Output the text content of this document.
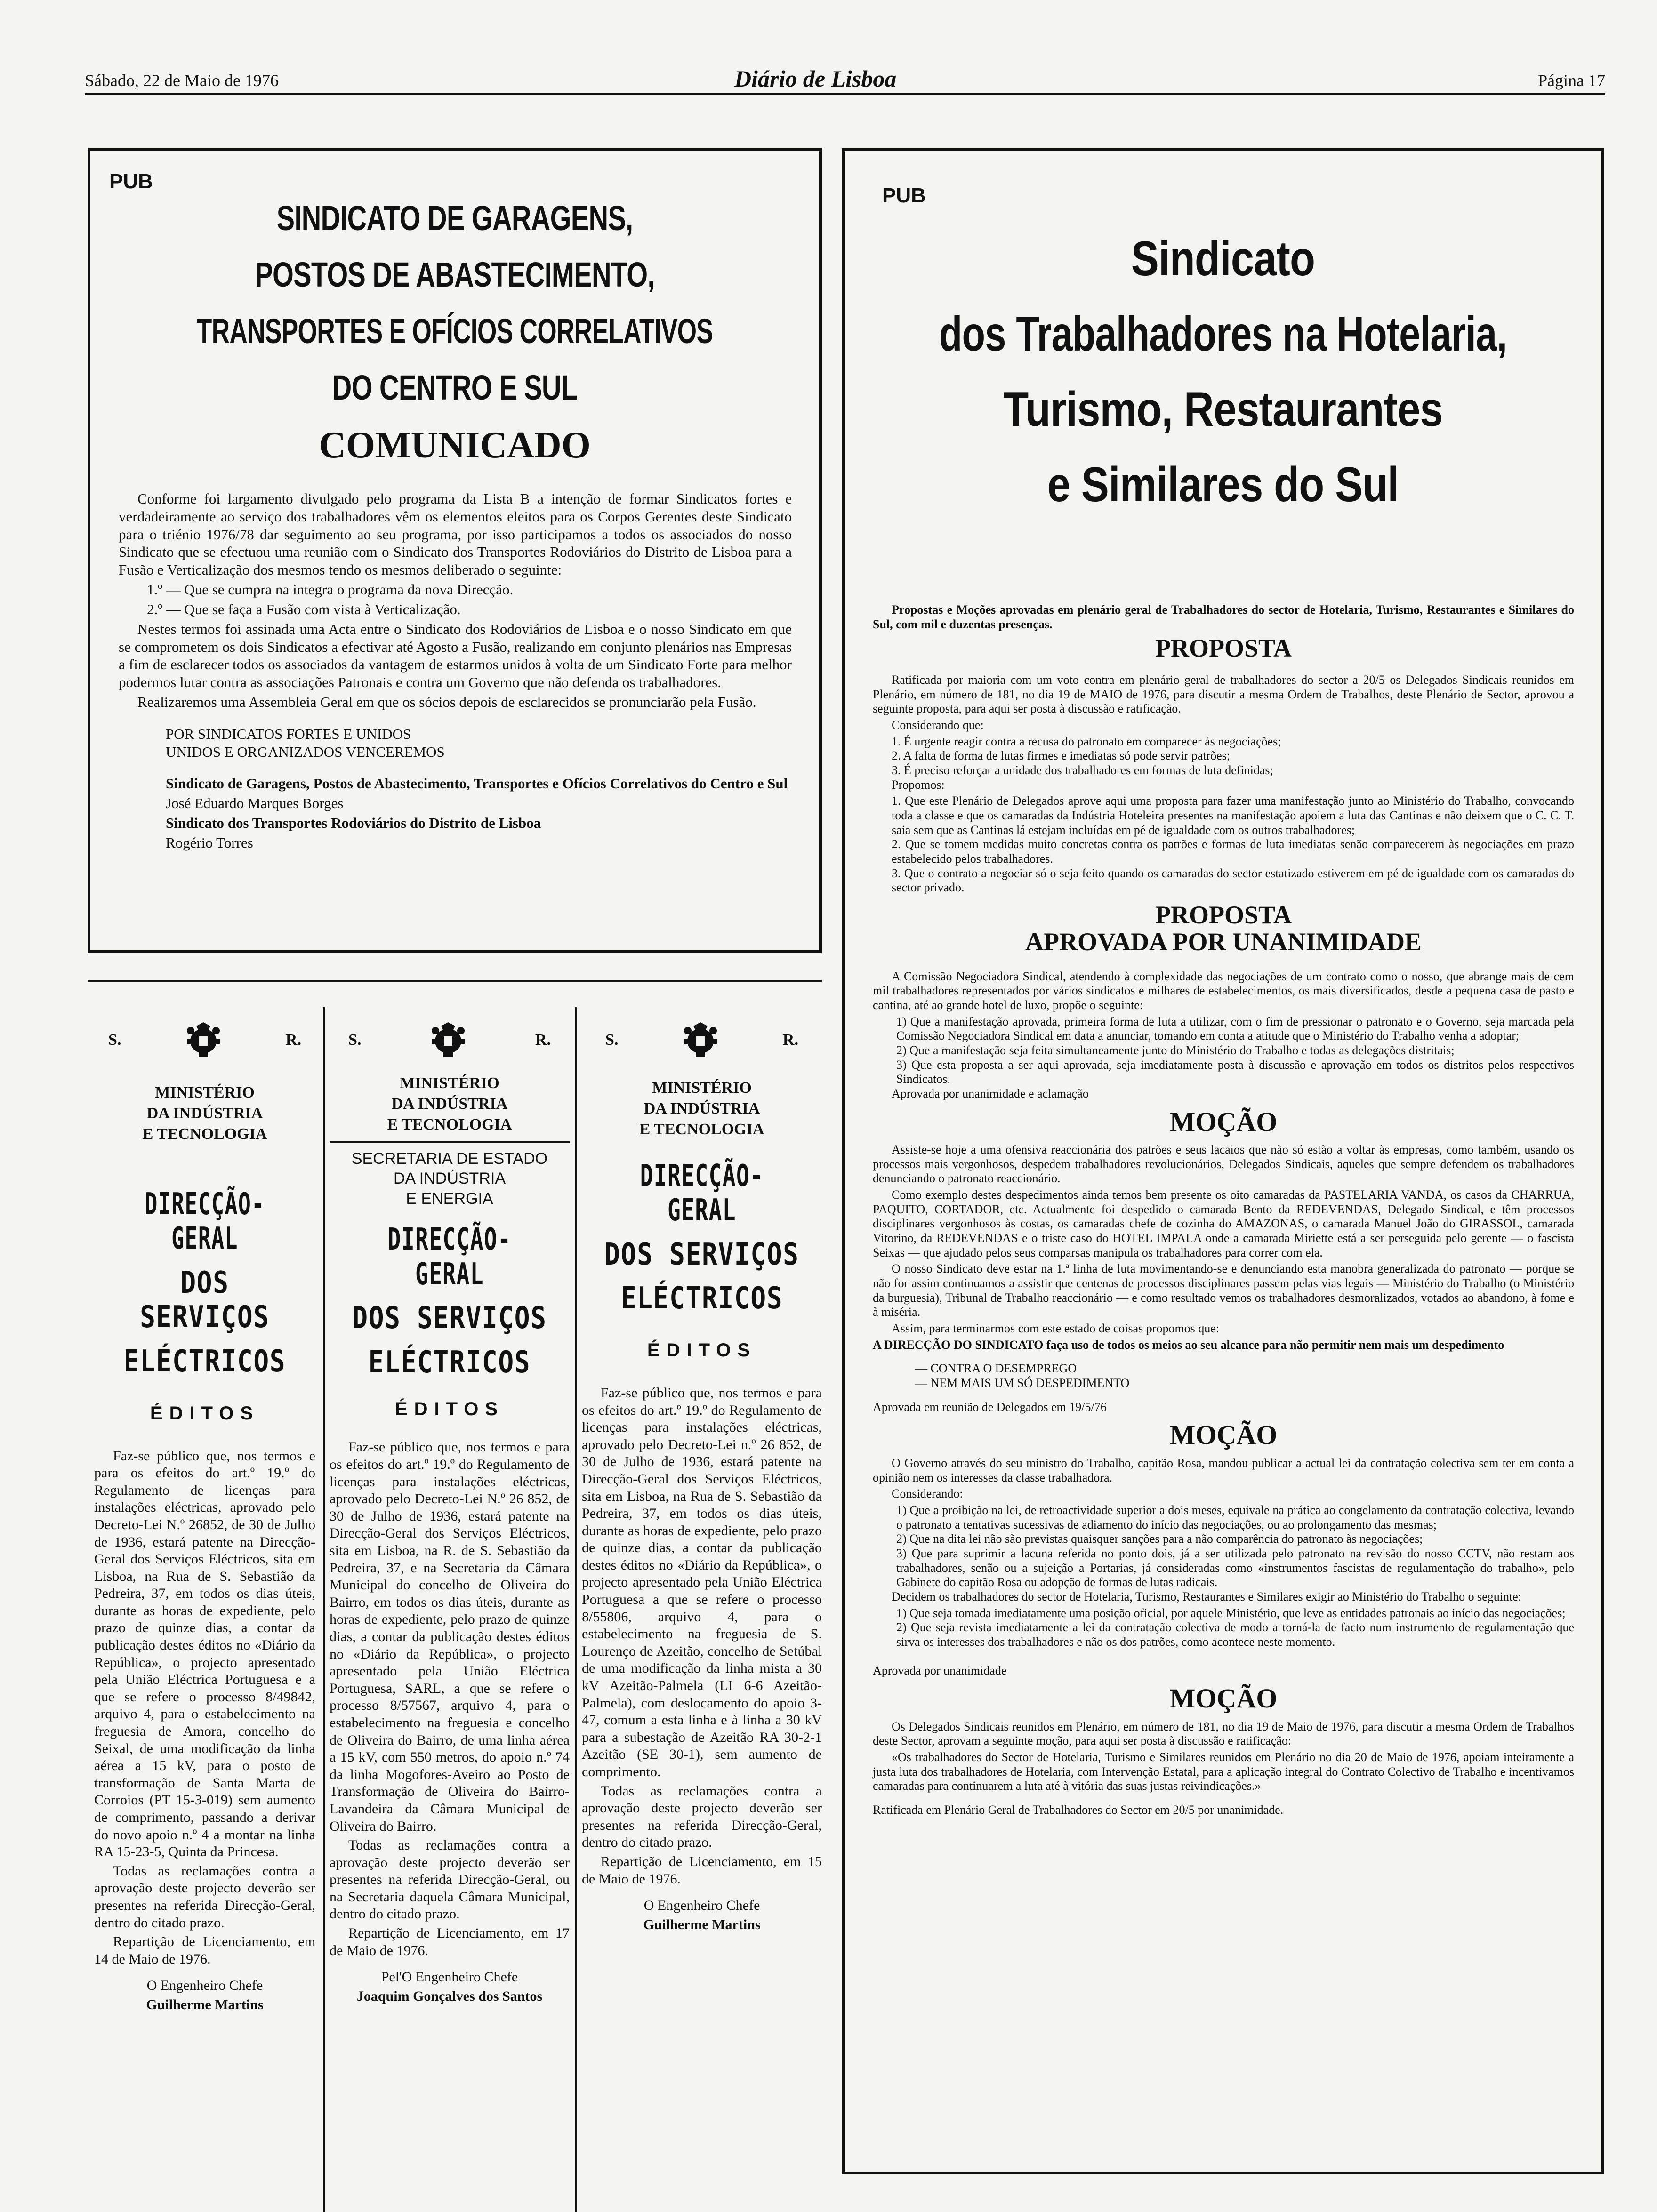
Sábado, 22 de Maio de 1976	Diário de Lisboa	Página 17
PUB
SINDICATO DE GARAGENS,
POSTOS DE ABASTECIMENTO,
TRANSPORTES E OFÍCIOS CORRELATIVOS
DO CENTRO E SUL
COMUNICADO

Conforme foi largamento divulgado pelo programa da Lista B a intenção de formar Sindicatos fortes e verdadeiramente ao serviço dos trabalhadores vêm os elementos eleitos para os Corpos Gerentes deste Sindicato para o triénio 1976/78 dar seguimento ao seu programa, por isso participamos a todos os associados do nosso Sindicato que se efectuou uma reunião com o Sindicato dos Transportes Rodoviários do Distrito de Lisboa para a Fusão e Verticalização dos mesmos tendo os mesmos deliberado o seguinte:

1.º — Que se cumpra na integra o programa da nova Direcção.

2.º — Que se faça a Fusão com vista à Verticalização.

Nestes termos foi assinada uma Acta entre o Sindicato dos Rodoviários de Lisboa e o nosso Sindicato em que se comprometem os dois Sindicatos a efectivar até Agosto a Fusão, realizando em conjunto plenários nas Empresas a fim de esclarecer todos os associados da vantagem de estarmos unidos à volta de um Sindicato Forte para melhor podermos lutar contra as associações Patronais e contra um Governo que não defenda os trabalhadores.

Realizaremos uma Assembleia Geral em que os sócios depois de esclarecidos se pronunciarão pela Fusão.

POR SINDICATOS FORTES E UNIDOS

UNIDOS E ORGANIZADOS VENCEREMOS

Sindicato de Garagens, Postos de Abastecimento, Transportes e Ofícios Correlativos do Centro e Sul

José Eduardo Marques Borges

Sindicato dos Transportes Rodoviários do Distrito de Lisboa

Rogério Torres

S.	R.
MINISTÉRIO
DA INDÚSTRIA
E TECNOLOGIA
DIRECÇÃO-GERAL
DOS SERVIÇOS
ELÉCTRICOS
ÉDITOS

Faz-se público que, nos termos e para os efeitos do art.º 19.º do Regulamento de licenças para instalações eléctricas, aprovado pelo Decreto-Lei N.º 26852, de 30 de Julho de 1936, estará patente na Direcção-Geral dos Serviços Eléctricos, sita em Lisboa, na Rua de S. Sebastião da Pedreira, 37, em todos os dias úteis, durante as horas de expediente, pelo prazo de quinze dias, a contar da publicação destes éditos no «Diário da República», o projecto apresentado pela União Eléctrica Portuguesa e a que se refere o processo 8/49842, arquivo 4, para o estabelecimento na freguesia de Amora, concelho do Seixal, de uma modificação da linha aérea a 15 kV, para o posto de transformação de Santa Marta de Corroios (PT 15-3-019) sem aumento de comprimento, passando a derivar do novo apoio n.º 4 a montar na linha RA 15-23-5, Quinta da Princesa.

Todas as reclamações contra a aprovação deste projecto deverão ser presentes na referida Direcção-Geral, dentro do citado prazo.

Repartição de Licenciamento, em 14 de Maio de 1976.

O Engenheiro Chefe

Guilherme Martins

S.	R.
MINISTÉRIO
DA INDÚSTRIA
E TECNOLOGIA
SECRETARIA DE ESTADO
DA INDÚSTRIA
E ENERGIA
DIRECÇÃO-GERAL
DOS SERVIÇOS
ELÉCTRICOS
ÉDITOS

Faz-se público que, nos termos e para os efeitos do art.º 19.º do Regulamento de licenças para instalações eléctricas, aprovado pelo Decreto-Lei N.º 26 852, de 30 de Julho de 1936, estará patente na Direcção-Geral dos Serviços Eléctricos, sita em Lisboa, na R. de S. Sebastião da Pedreira, 37, e na Secretaria da Câmara Municipal do concelho de Oliveira do Bairro, em todos os dias úteis, durante as horas de expediente, pelo prazo de quinze dias, a contar da publicação destes éditos no «Diário da República», o projecto apresentado pela União Eléctrica Portuguesa, SARL, a que se refere o processo 8/57567, arquivo 4, para o estabelecimento na freguesia e concelho de Oliveira do Bairro, de uma linha aérea a 15 kV, com 550 metros, do apoio n.º 74 da linha Mogofores-Aveiro ao Posto de Transformação de Oliveira do Bairro-Lavandeira da Câmara Municipal de Oliveira do Bairro.

Todas as reclamações contra a aprovação deste projecto deverão ser presentes na referida Direcção-Geral, ou na Secretaria daquela Câmara Municipal, dentro do citado prazo.

Repartição de Licenciamento, em 17 de Maio de 1976.

Pel'O Engenheiro Chefe

Joaquim Gonçalves dos Santos

S.	R.
MINISTÉRIO
DA INDÚSTRIA
E TECNOLOGIA
DIRECÇÃO-GERAL
DOS SERVIÇOS
ELÉCTRICOS
ÉDITOS

Faz-se público que, nos termos e para os efeitos do art.º 19.º do Regulamento de licenças para instalações eléctricas, aprovado pelo Decreto-Lei n.º 26 852, de 30 de Julho de 1936, estará patente na Direcção-Geral dos Serviços Eléctricos, sita em Lisboa, na Rua de S. Sebastião da Pedreira, 37, em todos os dias úteis, durante as horas de expediente, pelo prazo de quinze dias, a contar da publicação destes éditos no «Diário da República», o projecto apresentado pela União Eléctrica Portuguesa a que se refere o processo 8/55806, arquivo 4, para o estabelecimento na freguesia de S. Lourenço de Azeitão, concelho de Setúbal de uma modificação da linha mista a 30 kV Azeitão-Palmela (LI 6-6 Azeitão-Palmela), com deslocamento do apoio 3-47, comum a esta linha e à linha a 30 kV para a subestação de Azeitão RA 30-2-1 Azeitão (SE 30-1), sem aumento de comprimento.

Todas as reclamações contra a aprovação deste projecto deverão ser presentes na referida Direcção-Geral, dentro do citado prazo.

Repartição de Licenciamento, em 15 de Maio de 1976.

O Engenheiro Chefe

Guilherme Martins

PUB
Sindicato
dos Trabalhadores na Hotelaria,
Turismo, Restaurantes
e Similares do Sul

Propostas e Moções aprovadas em plenário geral de Trabalhadores do sector de Hotelaria, Turismo, Restaurantes e Similares do Sul, com mil e duzentas presenças.

PROPOSTA

Ratificada por maioria com um voto contra em plenário geral de trabalhadores do sector a 20/5 os Delegados Sindicais reunidos em Plenário, em número de 181, no dia 19 de MAIO de 1976, para discutir a mesma Ordem de Trabalhos, deste Plenário de Sector, aprovou a seguinte proposta, para aqui ser posta à discussão e ratificação.

Considerando que:

1. É urgente reagir contra a recusa do patronato em comparecer às negociações;
2. A falta de forma de lutas firmes e imediatas só pode servir patrões;
3. É preciso reforçar a unidade dos trabalhadores em formas de luta definidas;

Propomos:

1. Que este Plenário de Delegados aprove aqui uma proposta para fazer uma manifestação junto ao Ministério do Trabalho, convocando toda a classe e que os camaradas da Indústria Hoteleira presentes na manifestação apoiem a luta das Cantinas e não deixem que o C. C. T. saia sem que as Cantinas lá estejam incluídas em pé de igualdade com os outros trabalhadores;
2. Que se tomem medidas muito concretas contra os patrões e formas de luta imediatas senão comparecerem às negociações em prazo estabelecido pelos trabalhadores.
3. Que o contrato a negociar só o seja feito quando os camaradas do sector estatizado estiverem em pé de igualdade com os camaradas do sector privado.
PROPOSTA
APROVADA POR UNANIMIDADE

A Comissão Negociadora Sindical, atendendo à complexidade das negociações de um contrato como o nosso, que abrange mais de cem mil trabalhadores representados por vários sindicatos e milhares de estabelecimentos, os mais diversificados, desde a pequena casa de pasto e cantina, até ao grande hotel de luxo, propõe o seguinte:

1) Que a manifestação aprovada, primeira forma de luta a utilizar, com o fim de pressionar o patronato e o Governo, seja marcada pela Comissão Negociadora Sindical em data a anunciar, tomando em conta a atitude que o Ministério do Trabalho venha a adoptar;
2) Que a manifestação seja feita simultaneamente junto do Ministério do Trabalho e todas as delegações distritais;
3) Que esta proposta a ser aqui aprovada, seja imediatamente posta à discussão e aprovação em todos os distritos pelos respectivos Sindicatos.

Aprovada por unanimidade e aclamação

MOÇÃO

Assiste-se hoje a uma ofensiva reaccionária dos patrões e seus lacaios que não só estão a voltar às empresas, como também, usando os processos mais vergonhosos, despedem trabalhadores revolucionários, Delegados Sindicais, aqueles que sempre defendem os trabalhadores denunciando o patronato reaccionário.

Como exemplo destes despedimentos ainda temos bem presente os oito camaradas da PASTELARIA VANDA, os casos da CHARRUA, PAQUITO, CORTADOR, etc. Actualmente foi despedido o camarada Bento da REDEVENDAS, Delegado Sindical, e têm processos disciplinares vergonhosos às costas, os camaradas chefe de cozinha do AMAZONAS, o camarada Manuel João do GIRASSOL, camarada Vitorino, da REDEVENDAS e o triste caso do HOTEL IMPALA onde a camarada Miriette está a ser perseguida pelo gerente — o fascista Seixas — que ajudado pelos seus comparsas manipula os trabalhadores para correr com ela.

O nosso Sindicato deve estar na 1.ª linha de luta movimentando-se e denunciando esta manobra generalizada do patronato — porque se não for assim continuamos a assistir que centenas de processos disciplinares passem pelas vias legais — Ministério do Trabalho (o Ministério da burguesia), Tribunal de Trabalho reaccionário — e como resultado vemos os trabalhadores desmoralizados, votados ao abandono, à fome e à miséria.

Assim, para terminarmos com este estado de coisas propomos que:

A DIRECÇÃO DO SINDICATO faça uso de todos os meios ao seu alcance para não permitir nem mais um despedimento

— CONTRA O DESEMPREGO

— NEM MAIS UM SÓ DESPEDIMENTO

Aprovada em reunião de Delegados em 19/5/76

MOÇÃO

O Governo através do seu ministro do Trabalho, capitão Rosa, mandou publicar a actual lei da contratação colectiva sem ter em conta a opinião nem os interesses da classe trabalhadora.

Considerando:

1) Que a proibição na lei, de retroactividade superior a dois meses, equivale na prática ao congelamento da contratação colectiva, levando o patronato a tentativas sucessivas de adiamento do início das negociações, ou ao prolongamento das mesmas;
2) Que na dita lei não são previstas quaisquer sanções para a não comparência do patronato às negociações;
3) Que para suprimir a lacuna referida no ponto dois, já a ser utilizada pelo patronato na revisão do nosso CCTV, não restam aos trabalhadores, senão ou a sujeição a Portarias, já consideradas como «instrumentos fascistas de regulamentação do trabalho», pelo Gabinete do capitão Rosa ou adopção de formas de lutas radicais.

Decidem os trabalhadores do sector de Hotelaria, Turismo, Restaurantes e Similares exigir ao Ministério do Trabalho o seguinte:

1) Que seja tomada imediatamente uma posição oficial, por aquele Ministério, que leve as entidades patronais ao início das negociações;
2) Que seja revista imediatamente a lei da contratação colectiva de modo a torná-la de facto num instrumento de regulamentação que sirva os interesses dos trabalhadores e não os dos patrões, como acontece neste momento.

Aprovada por unanimidade

MOÇÃO

Os Delegados Sindicais reunidos em Plenário, em número de 181, no dia 19 de Maio de 1976, para discutir a mesma Ordem de Trabalhos deste Sector, aprovam a seguinte moção, para aqui ser posta à discussão e ratificação:

«Os trabalhadores do Sector de Hotelaria, Turismo e Similares reunidos em Plenário no dia 20 de Maio de 1976, apoiam inteiramente a justa luta dos trabalhadores de Hotelaria, com Intervenção Estatal, para a aplicação integral do Contrato Colectivo de Trabalho e incentivamos camaradas para continuarem a luta até à vitória das suas justas reivindicações.»

Ratificada em Plenário Geral de Trabalhadores do Sector em 20/5 por unanimidade.
